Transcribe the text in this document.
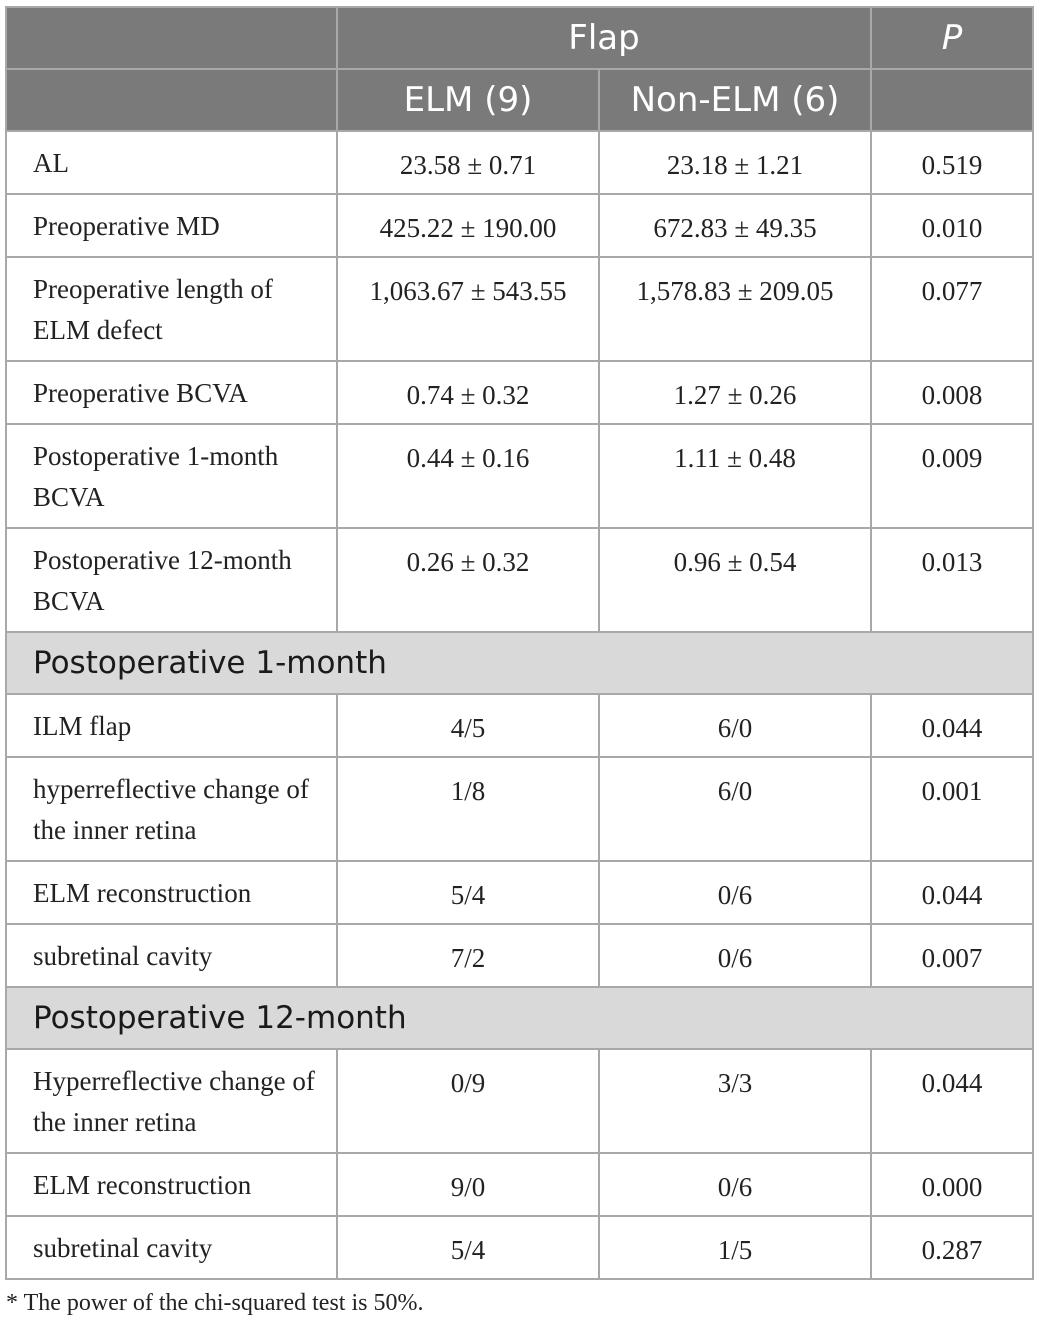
	Flap		P
	ELM (9)	Non-ELM (6)	
AL	23.58 ± 0.71	23.18 ± 1.21	0.519
Preoperative MD	425.22 ± 190.00	672.83 ± 49.35	0.010
Preoperative length of ELM defect	1,063.67 ± 543.55	1,578.83 ± 209.05	0.077
Preoperative BCVA	0.74 ± 0.32	1.27 ± 0.26	0.008
Postoperative 1-month BCVA	0.44 ± 0.16	1.11 ± 0.48	0.009
Postoperative 12-month BCVA	0.26 ± 0.32	0.96 ± 0.54	0.013
Postoperative 1-month			
ILM flap	4/5	6/0	0.044
hyperreflective change of the inner retina	1/8	6/0	0.001
ELM reconstruction	5/4	0/6	0.044
subretinal cavity	7/2	0/6	0.007
Postoperative 12-month			
Hyperreflective change of the inner retina	0/9	3/3	0.044
ELM reconstruction	9/0	0/6	0.000
subretinal cavity	5/4	1/5	0.287

* The power of the chi-squared test is 50%.
